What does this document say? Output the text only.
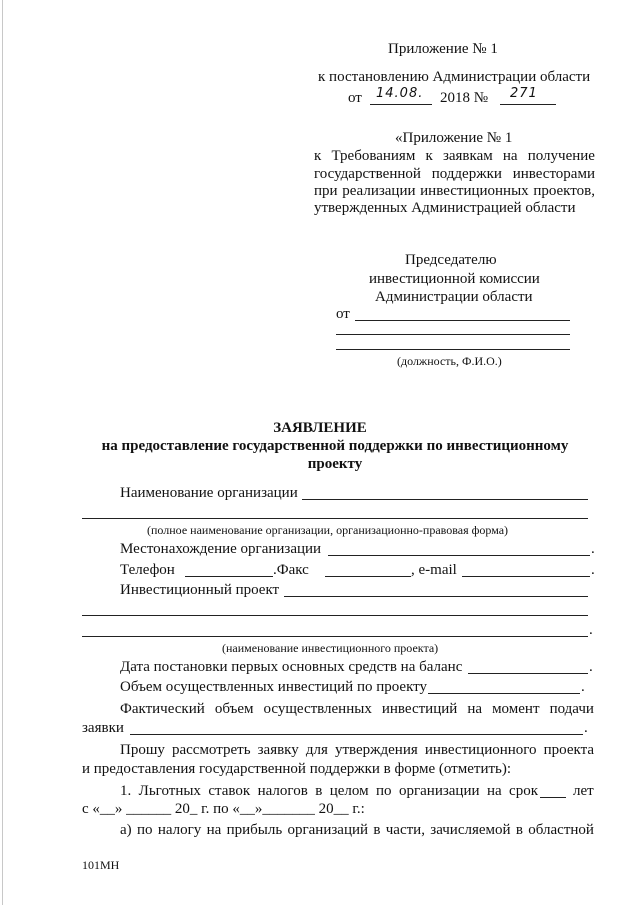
Приложение № 1
к постановлению Администрации области
от 14.08. 2018 № 271
«Приложение № 1
к Требованиям к заявкам на получение
государственной поддержки инвесторами
при реализации инвестиционных проектов,
утвержденных Администрацией области
Председателю
инвестиционной комиссии
Администрации области
от
(должность, Ф.И.О.)
ЗАЯВЛЕНИЕ
на предоставление государственной поддержки по инвестиционному
проекту
Наименование организации
(полное наименование организации, организационно-правовая форма)
Местонахождение организации	.
Телефон	.Факс	, e-mail	.
Инвестиционный проект
.
(наименование инвестиционного проекта)
Дата постановки первых основных средств на баланс	.
Объем осуществленных инвестиций по проекту	.
Фактический объем осуществленных инвестиций на момент подачи
заявки	.
Прошу рассмотреть заявку для утверждения инвестиционного проекта
и предоставления государственной поддержки в форме (отметить):
1. Льготных ставок налогов в целом по организации на срок лет
с «__» ______ 20_ г. по «__»_______ 20__ г.:
а) по налогу на прибыль организаций в части, зачисляемой в областной
101МН
